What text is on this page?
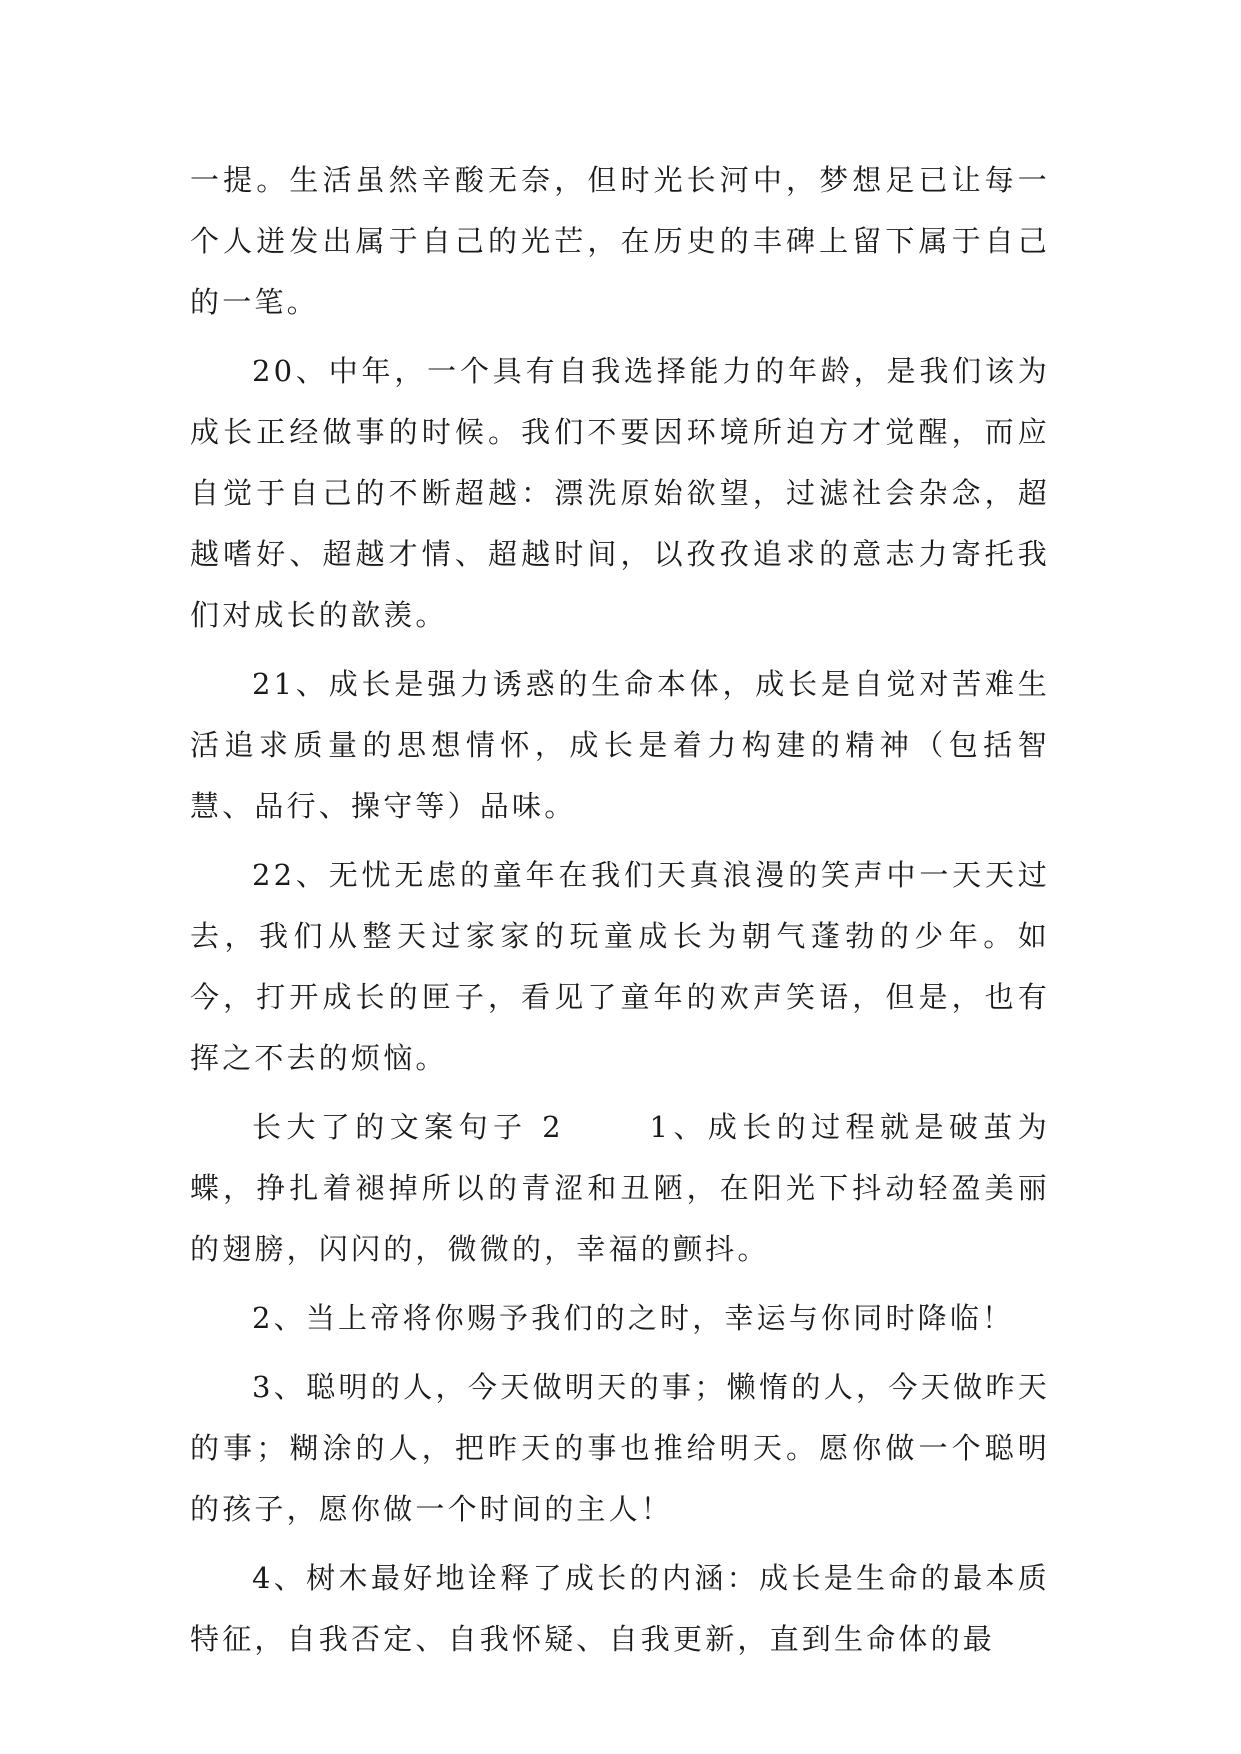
一提。生活虽然辛酸无奈，但时光长河中，梦想足已让每一个人迸发出属于自己的光芒，在历史的丰碑上留下属于自己的一笔。

20、中年，一个具有自我选择能力的年龄，是我们该为成长正经做事的时候。我们不要因环境所迫方才觉醒，而应自觉于自己的不断超越：漂洗原始欲望，过滤社会杂念，超越嗜好、超越才情、超越时间，以孜孜追求的意志力寄托我们对成长的歆羡。

21、成长是强力诱惑的生命本体，成长是自觉对苦难生活追求质量的思想情怀，成长是着力构建的精神（包括智慧、品行、操守等）品味。

22、无忧无虑的童年在我们天真浪漫的笑声中一天天过去，我们从整天过家家的玩童成长为朝气蓬勃的少年。如今，打开成长的匣子，看见了童年的欢声笑语，但是，也有挥之不去的烦恼。

长大了的文案句子 2　　 1、成长的过程就是破茧为蝶，挣扎着褪掉所以的青涩和丑陋，在阳光下抖动轻盈美丽的翅膀，闪闪的，微微的，幸福的颤抖。

2、当上帝将你赐予我们的之时，幸运与你同时降临！

3、聪明的人，今天做明天的事；懒惰的人，今天做昨天的事；糊涂的人，把昨天的事也推给明天。愿你做一个聪明的孩子，愿你做一个时间的主人！

4、树木最好地诠释了成长的内涵：成长是生命的最本质特征，自我否定、自我怀疑、自我更新，直到生命体的最
